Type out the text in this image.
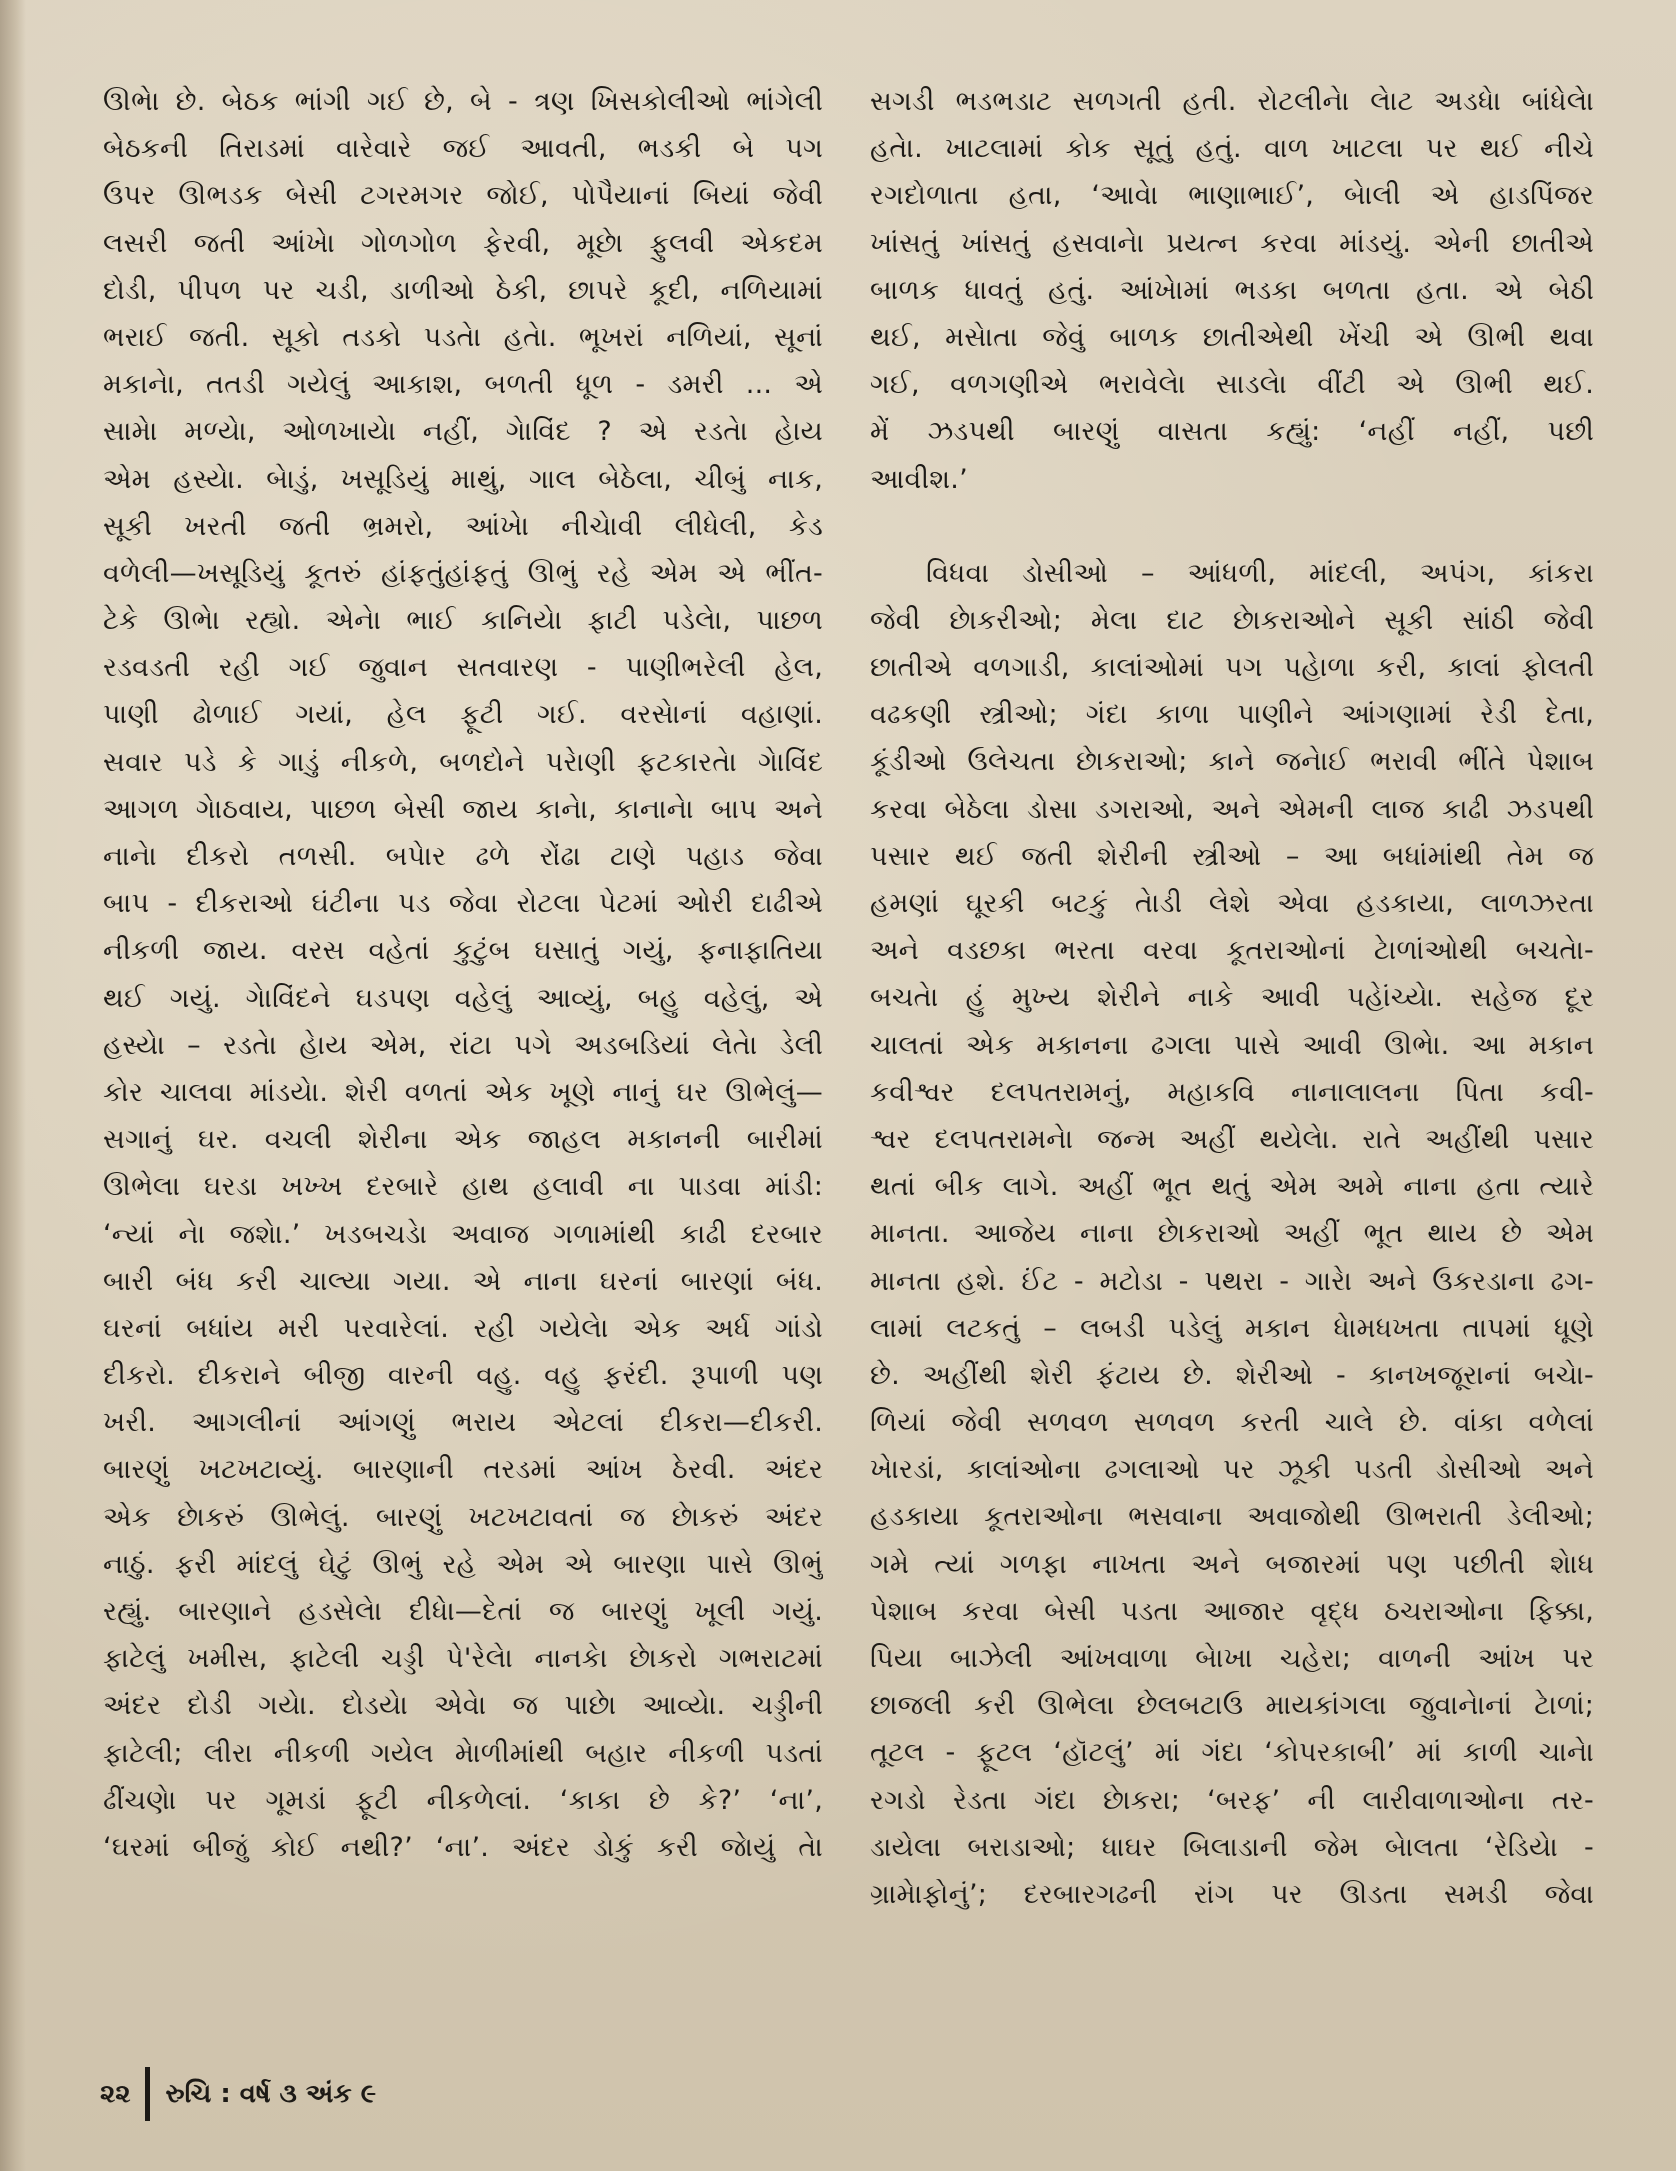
ઊભેા છે. બેઠક ભાંગી ગઈ છે, બે - ત્રણ ખિસકોલીઓ ભાંગેલી
બેઠકની તિરાડમાં વારેવારે જઈ આવતી, ભડકી બે પગ
ઉપર ઊભડક બેસી ટગરમગર જોઈ, પોપૈયાનાં બિયાં જેવી
લસરી જતી આંખેા ગોળગોળ ફેરવી, મૂછેા ફુલવી એકદમ
દોડી, પીપળ પર ચડી, ડાળીઓ ઠેકી, છાપરે કૂદી, નળિયામાં
ભરાઈ જતી. સૂકો તડકો પડતેા હતેા. ભૂખરાં નળિયાં, સૂનાં
મકાનેા, તતડી ગયેલું આકાશ, બળતી ધૂળ - ડમરી ... એ
સામેા મળ્યેા, ઓળખાયેા નહીં, ગેાવિંદ ? એ રડતેા હેાય
એમ હસ્યેા. બેાડું, ખસૂડિયું માથું, ગાલ બેઠેલા, ચીબું નાક,
સૂકી ખરતી જતી ભ્રમરો, આંખેા નીચેાવી લીધેલી, કેડ
વળેલી—ખસૂડિયું કૂતરું હાંફતુંહાંફતું ઊભું રહે એમ એ ભીંત-
ટેકે ઊભેા રહ્યો. એનેા ભાઈ કાનિયેા ફાટી પડેલેા, પાછળ
રડવડતી રહી ગઈ જુવાન સતવારણ - પાણીભરેલી હેલ,
પાણી ઢોળાઈ ગયાં, હેલ ફૂટી ગઈ. વરસેાનાં વહાણાં.
સવાર પડે કે ગાડું નીકળે, બળદોને પરેાણી ફટકારતેા ગેાવિંદ
આગળ ગેાઠવાય, પાછળ બેસી જાય કાનેા, કાનાનેા બાપ અને
નાનેા દીકરો તળસી. બપેાર ઢળે રોંઢા ટાણે પહાડ જેવા
બાપ - દીકરાઓ ઘંટીના પડ જેવા રોટલા પેટમાં ઓરી દાઢીએ
નીકળી જાય. વરસ વહેતાં કુટુંબ ઘસાતું ગયું, ફનાફાતિયા
થઈ ગયું. ગેાવિંદને ઘડપણ વહેલું આવ્યું, બહુ વહેલું, એ
હસ્યેા – રડતેા હેાય એમ, રાંટા પગે અડબડિયાં લેતેા ડેલી
કોર ચાલવા માંડયેા. શેરી વળતાં એક ખૂણે નાનું ઘર ઊભેલું—
સગાનું ઘર. વચલી શેરીના એક જાહલ મકાનની બારીમાં
ઊભેલા ઘરડા ખખ્ખ દરબારે હાથ હલાવી ના પાડવા માંડી:
‘ન્યાં નેા જશેા.’ ખડબચડેા અવાજ ગળામાંથી કાઢી દરબાર
બારી બંધ કરી ચાલ્યા ગયા. એ નાના ઘરનાં બારણાં બંધ.
ઘરનાં બધાંય મરી પરવારેલાં. રહી ગયેલેા એક અર્ધ ગાંડો
દીકરો. દીકરાને બીજી વારની વહુ. વહુ ફરંદી. રૂપાળી પણ
ખરી. આગલીનાં આંગણું ભરાય એટલાં દીકરા—દીકરી.
બારણું ખટખટાવ્યું. બારણાની તરડમાં આંખ ઠેરવી. અંદર
એક છેાકરું ઊભેલું. બારણું ખટખટાવતાં જ છેાકરું અંદર
નાઠું. ફરી માંદલું ઘેટું ઊભું રહે એમ એ બારણા પાસે ઊભું
રહ્યું. બારણાને હડસેલેા દીધેા—દેતાં જ બારણું ખૂલી ગયું.
ફાટેલું ખમીસ, ફાટેલી ચડ્ડી પે'રેલેા નાનકેા છેાકરો ગભરાટમાં
અંદર દોડી ગયેા. દોડયેા એવેા જ પાછેા આવ્યેા. ચડ્ડીની
ફાટેલી; લીરા નીકળી ગયેલ મેાળીમાંથી બહાર નીકળી પડતાં
ઢીંચણેા પર ગૂમડાં ફૂટી નીકળેલાં. ‘કાકા છે કે?’ ‘ના’,
‘ઘરમાં બીજું કોઈ નથી?’ ‘ના’. અંદર ડોકું કરી જેાયું તેા
સગડી ભડભડાટ સળગતી હતી. રોટલીનેા લેાટ અડધેા બાંધેલેા
હતેા. ખાટલામાં કોક સૂતું હતું. વાળ ખાટલા પર થઈ નીચે
રગદોળાતા હતા, ‘આવેા ભાણાભાઈ’, બેાલી એ હાડપિંજર
ખાંસતું ખાંસતું હસવાનેા પ્રયત્ન કરવા માંડયું. એની છાતીએ
બાળક ધાવતું હતું. આંખેામાં ભડકા બળતા હતા. એ બેઠી
થઈ, મસેાતા જેવું બાળક છાતીએથી ખેંચી એ ઊભી થવા
ગઈ, વળગણીએ ભરાવેલેા સાડલેા વીંટી એ ઊભી થઈ.
મેં ઝડપથી બારણું વાસતા કહ્યું: ‘નહીં નહીં, પછી
આવીશ.’
વિધવા ડોસીઓ – આંધળી, માંદલી, અપંગ, કાંકરા
જેવી છેાકરીઓ; મેલા દાટ છેાકરાઓને સૂકી સાંઠી જેવી
છાતીએ વળગાડી, કાલાંઓમાં પગ પહેાળા કરી, કાલાં ફોલતી
વઢકણી સ્ત્રીઓ; ગંદા કાળા પાણીને આંગણામાં રેડી દેતા,
કૂંડીઓ ઉલેચતા છેાકરાઓ; કાને જનેાઈ ભરાવી ભીંતે પેશાબ
કરવા બેઠેલા ડોસા ડગરાઓ, અને એમની લાજ કાઢી ઝડપથી
પસાર થઈ જતી શેરીની સ્ત્રીઓ – આ બધાંમાંથી તેમ જ
હમણાં ઘૂરકી બટકું તેાડી લેશે એવા હડકાયા, લાળઝરતા
અને વડછકા ભરતા વરવા કૂતરાઓનાં ટેાળાંઓથી બચતેા-
બચતેા હું મુખ્ય શેરીને નાકે આવી પહેાંચ્યેા. સહેજ દૂર
ચાલતાં એક મકાનના ઢગલા પાસે આવી ઊભેા. આ મકાન
કવીશ્વર દલપતરામનું, મહાકવિ નાનાલાલના પિતા કવી-
શ્વર દલપતરામનેા જન્મ અહીં થયેલેા. રાતે અહીંથી પસાર
થતાં બીક લાગે. અહીં ભૂત થતું એમ અમે નાના હતા ત્યારે
માનતા. આજેય નાના છેાકરાઓ અહીં ભૂત થાય છે એમ
માનતા હશે. ઈંટ - મટોડા - પથરા - ગારેા અને ઉકરડાના ઢગ-
લામાં લટકતું – લબડી પડેલું મકાન ધેામધખતા તાપમાં ધૂણે
છે. અહીંથી શેરી ફંટાય છે. શેરીઓ - કાનખજૂરાનાં બચેા-
ળિયાં જેવી સળવળ સળવળ કરતી ચાલે છે. વાંકા વળેલાં
ખેારડાં, કાલાંઓના ઢગલાઓ પર ઝૂકી પડતી ડોસીઓ અને
હડકાયા કૂતરાઓના ભસવાના અવાજોથી ઊભરાતી ડેલીઓ;
ગમે ત્યાં ગળફા નાખતા અને બજારમાં પણ પછીતી શેાધ
પેશાબ કરવા બેસી પડતા આજાર વૃદ્ધ ઠચરાઓના ફિક્કા,
પિયા બાઝેલી આંખવાળા બેાખા ચહેરા; વાળની આંખ પર
છાજલી કરી ઊભેલા છેલબટાઉ માયકાંગલા જુવાનેાનાં ટેાળાં;
તૂટલ - ફૂટલ ‘હૉટલું’ માં ગંદા ‘કોપરકાબી’ માં કાળી ચાનેા
રગડો રેડતા ગંદા છેાકરા; ‘બરફ’ ની લારીવાળાઓના તર-
ડાયેલા બરાડાઓ; ધાઘર બિલાડાની જેમ બેાલતા ‘રેડિયેા -
ગ્રામેાફોનું’; દરબારગઢની રાંગ પર ઊડતા સમડી જેવા
૨૨ રુચિ : વર્ષ ૩ અંક ૯
